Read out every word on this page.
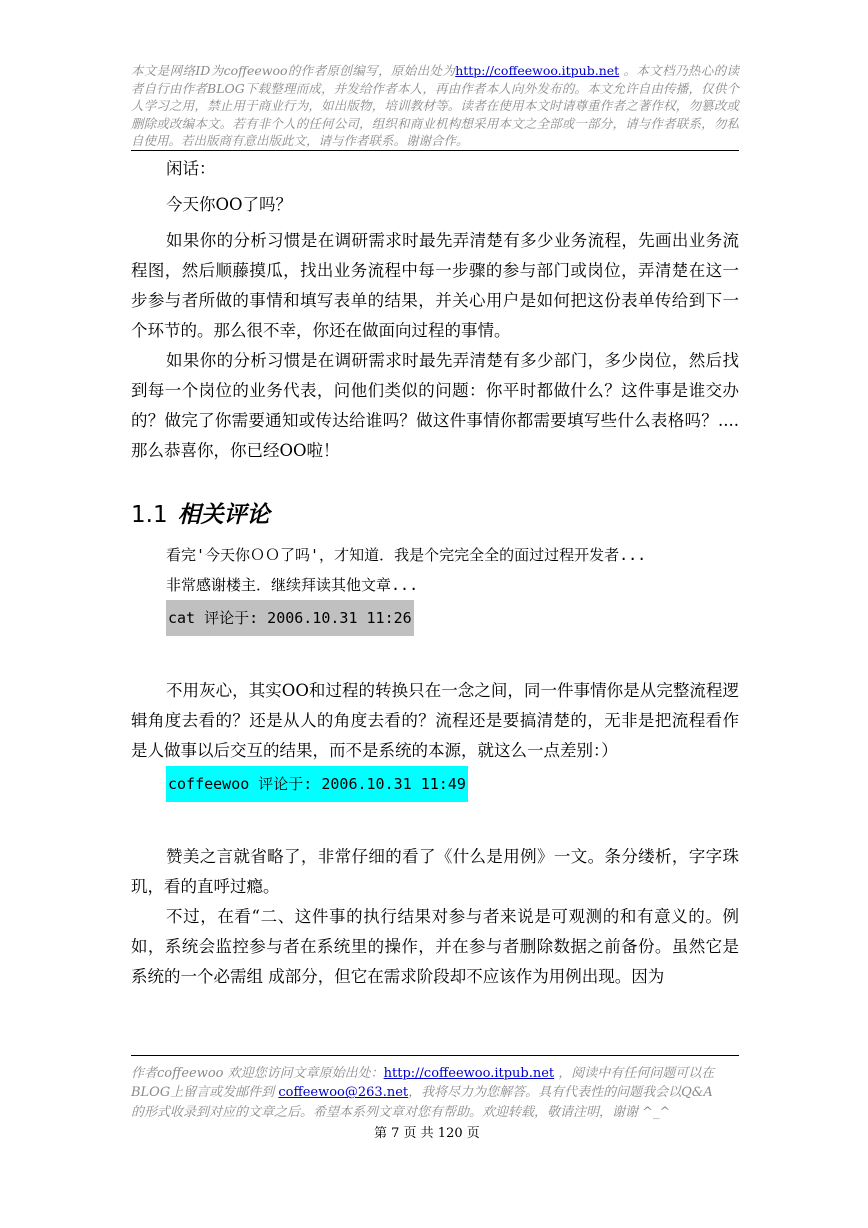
本文是网络ID为coffeewoo的作者原创编写，原始出处为http://coffeewoo.itpub.net 。本文档乃热心的读者自行由作者BLOG下载整理而成，并发给作者本人，再由作者本人向外发布的。本文允许自由传播，仅供个人学习之用，禁止用于商业行为，如出版物，培训教材等。读者在使用本文时请尊重作者之著作权，勿篡改或删除或改编本文。若有非个人的任何公司，组织和商业机构想采用本文之全部或一部分，请与作者联系，勿私自使用。若出版商有意出版此文，请与作者联系。谢谢合作。

闲话：

今天你OO了吗？

如果你的分析习惯是在调研需求时最先弄清楚有多少业务流程，先画出业务流程图，然后顺藤摸瓜，找出业务流程中每一步骤的参与部门或岗位，弄清楚在这一步参与者所做的事情和填写表单的结果，并关心用户是如何把这份表单传给到下一个环节的。那么很不幸，你还在做面向过程的事情。

如果你的分析习惯是在调研需求时最先弄清楚有多少部门，多少岗位，然后找到每一个岗位的业务代表，问他们类似的问题：你平时都做什么？这件事是谁交办的？做完了你需要通知或传达给谁吗？做这件事情你都需要填写些什么表格吗？....那么恭喜你，你已经OO啦！

1.1 相关评论

看完'今天你ＯＯ了吗'，才知道．我是个完完全全的面过过程开发者...

非常感谢楼主．继续拜读其他文章...

cat 评论于: 2006.10.31 11:26

不用灰心，其实OO和过程的转换只在一念之间，同一件事情你是从完整流程逻辑角度去看的？还是从人的角度去看的？流程还是要搞清楚的，无非是把流程看作是人做事以后交互的结果，而不是系统的本源，就这么一点差别：）

coffeewoo 评论于: 2006.10.31 11:49

赞美之言就省略了，非常仔细的看了《什么是用例》一文。条分缕析，字字珠玑，看的直呼过瘾。

不过，在看“二、这件事的执行结果对参与者来说是可观测的和有意义的。例如，系统会监控参与者在系统里的操作，并在参与者删除数据之前备份。虽然它是系统的一个必需组 成部分，但它在需求阶段却不应该作为用例出现。因为

作者coffeewoo 欢迎您访问文章原始出处：http://coffeewoo.itpub.net ，阅读中有任何问题可以在BLOG上留言或发邮件到 coffeewoo@263.net，我将尽力为您解答。具有代表性的问题我会以Q&A的形式收录到对应的文章之后。希望本系列文章对您有帮助。欢迎转载，敬请注明，谢谢 ^_^
第 7 页 共 120 页
